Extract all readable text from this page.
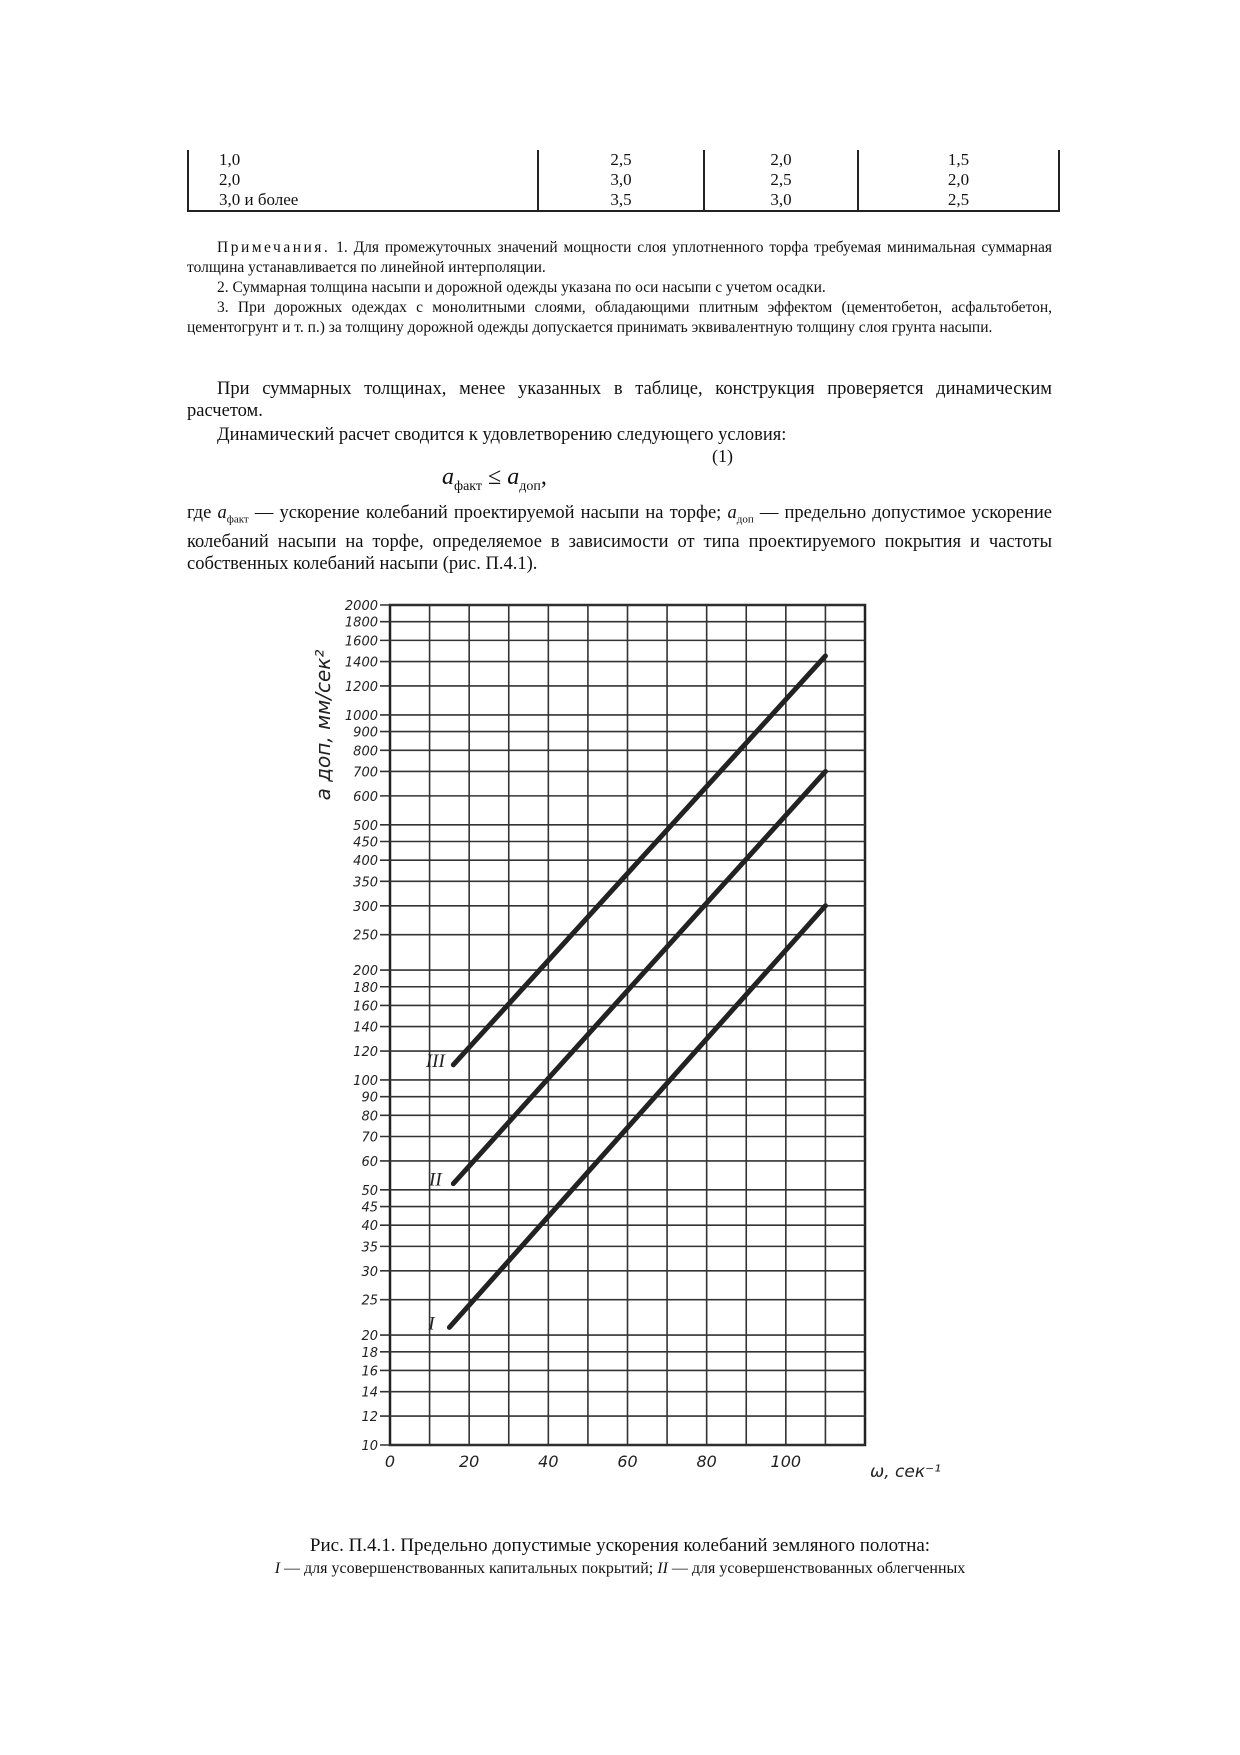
1,0	2,5	2,0	1,5
2,0	3,0	2,5	2,0
3,0 и более	3,5	3,0	2,5

Примечания. 1. Для промежуточных значений мощности слоя уплотненного торфа требуемая минимальная суммарная толщина устанавливается по линейной интерполяции.

2. Суммарная толщина насыпи и дорожной одежды указана по оси насыпи с учетом осадки.

3. При дорожных одеждах с монолитными слоями, обладающими плитным эффектом (цементобетон, асфальтобетон, цементогрунт и т. п.) за толщину дорожной одежды допускается принимать эквивалентную толщину слоя грунта насыпи.

При суммарных толщинах, менее указанных в таблице, конструкция проверяется динамическим расчетом.

Динамический расчет сводится к удовлетворению следующего условия:

(1)
$a_{факт} \le a_{доп}$,

где $a_{факт}$ — ускорение колебаний проектируемой насыпи на торфе; $a_{доп}$ — предельно допустимое ускорение колебаний насыпи на торфе, определяемое в зависимости от типа проектируемого покрытия и частоты собственных колебаний насыпи (рис. П.4.1).

10
12
14
16
18
20
25
30
35
40
45
50
60
70
80
90
100
120
140
160
180
200
250
300
350
400
450
500
600
700
800
900
1000
1200
1400
1600
1800
2000
0	20	40	60	80	100
ω, сек⁻¹
a доп, мм/сек²
I
II
III
Рис. П.4.1. Предельно допустимые ускорения колебаний земляного полотна:
I — для усовершенствованных капитальных покрытий; II — для усовершенствованных облегченных
